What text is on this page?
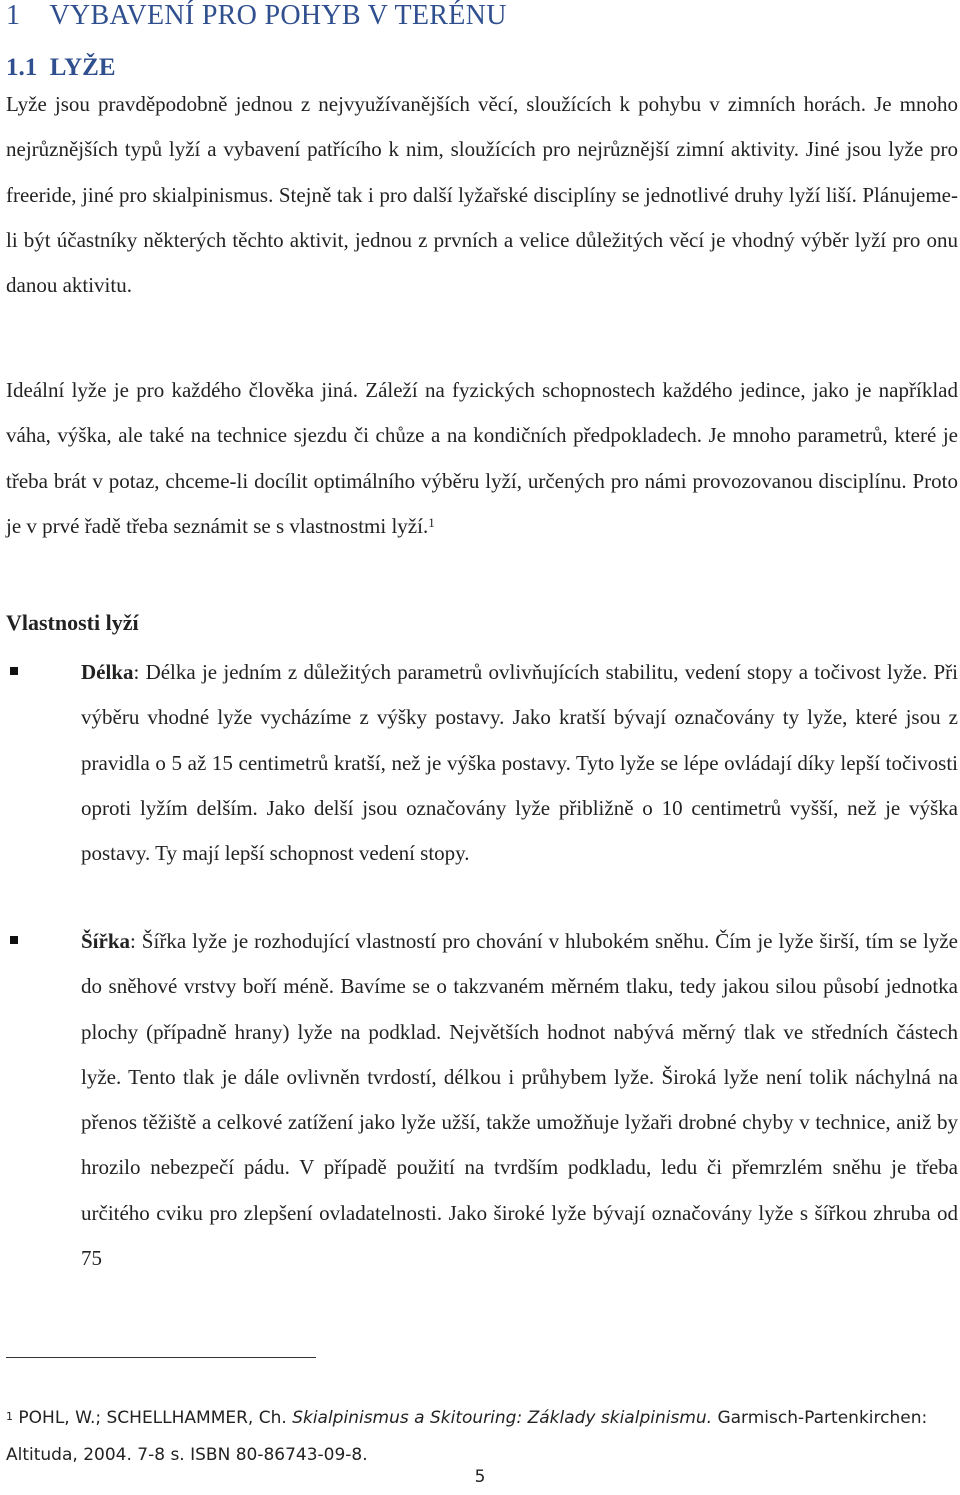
1 VYBAVENÍ PRO POHYB V TERÉNU
1.1 LYŽE

Lyže jsou pravděpodobně jednou z nejvyužívanějších věcí, sloužících k pohybu v zimních horách. Je mnoho nejrůznějších typů lyží a vybavení patřícího k nim, sloužících pro nejrůznější zimní aktivity. Jiné jsou lyže pro freeride, jiné pro skialpinismus. Stejně tak i pro další lyžařské disciplíny se jednotlivé druhy lyží liší. Plánujeme-li být účastníky některých těchto aktivit, jednou z prvních a velice důležitých věcí je vhodný výběr lyží pro onu danou aktivitu.

Ideální lyže je pro každého člověka jiná. Záleží na fyzických schopnostech každého jedince, jako je například váha, výška, ale také na technice sjezdu či chůze a na kondičních předpokladech. Je mnoho parametrů, které je třeba brát v potaz, chceme-li docílit optimálního výběru lyží, určených pro námi provozovanou disciplínu. Proto je v prvé řadě třeba seznámit se s vlastnostmi lyží.$^1$

Vlastnosti lyží

Délka: Délka je jedním z důležitých parametrů ovlivňujících stabilitu, vedení stopy a točivost lyže. Při výběru vhodné lyže vycházíme z výšky postavy. Jako kratší bývají označovány ty lyže, které jsou z pravidla o 5 až 15 centimetrů kratší, než je výška postavy. Tyto lyže se lépe ovládají díky lepší točivosti oproti lyžím delším. Jako delší jsou označovány lyže přibližně o 10 centimetrů vyšší, než je výška postavy. Ty mají lepší schopnost vedení stopy.

Šířka: Šířka lyže je rozhodující vlastností pro chování v hlubokém sněhu. Čím je lyže širší, tím se lyže do sněhové vrstvy boří méně. Bavíme se o takzvaném měrném tlaku, tedy jakou silou působí jednotka plochy (případně hrany) lyže na podklad. Největších hodnot nabývá měrný tlak ve středních částech lyže. Tento tlak je dále ovlivněn tvrdostí, délkou i průhybem lyže. Široká lyže není tolik náchylná na přenos těžiště a celkové zatížení jako lyže užší, takže umožňuje lyžaři drobné chyby v technice, aniž by hrozilo nebezpečí pádu. V případě použití na tvrdším podkladu, ledu či přemrzlém sněhu je třeba určitého cviku pro zlepšení ovladatelnosti. Jako široké lyže bývají označovány lyže s šířkou zhruba od 75

$^1$ POHL, W.; SCHELLHAMMER, Ch. Skialpinismus a Skitouring: Základy skialpinismu. Garmisch-Partenkirchen: Altituda, 2004. 7-8 s. ISBN 80-86743-09-8.

5
